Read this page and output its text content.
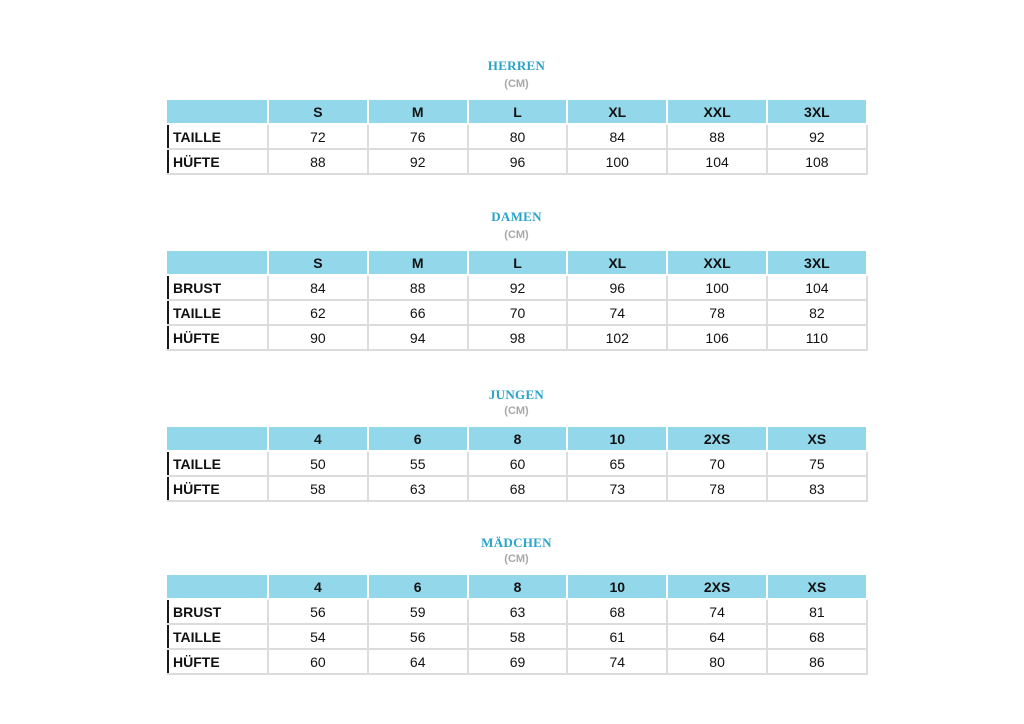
HERREN
(CM)
	S	M	L	XL	XXL	3XL
TAILLE	72	76	80	84	88	92
HÜFTE	88	92	96	100	104	108
DAMEN
(CM)
	S	M	L	XL	XXL	3XL
BRUST	84	88	92	96	100	104
TAILLE	62	66	70	74	78	82
HÜFTE	90	94	98	102	106	110
JUNGEN
(CM)
	4	6	8	10	2XS	XS
TAILLE	50	55	60	65	70	75
HÜFTE	58	63	68	73	78	83
MÄDCHEN
(CM)
	4	6	8	10	2XS	XS
BRUST	56	59	63	68	74	81
TAILLE	54	56	58	61	64	68
HÜFTE	60	64	69	74	80	86
